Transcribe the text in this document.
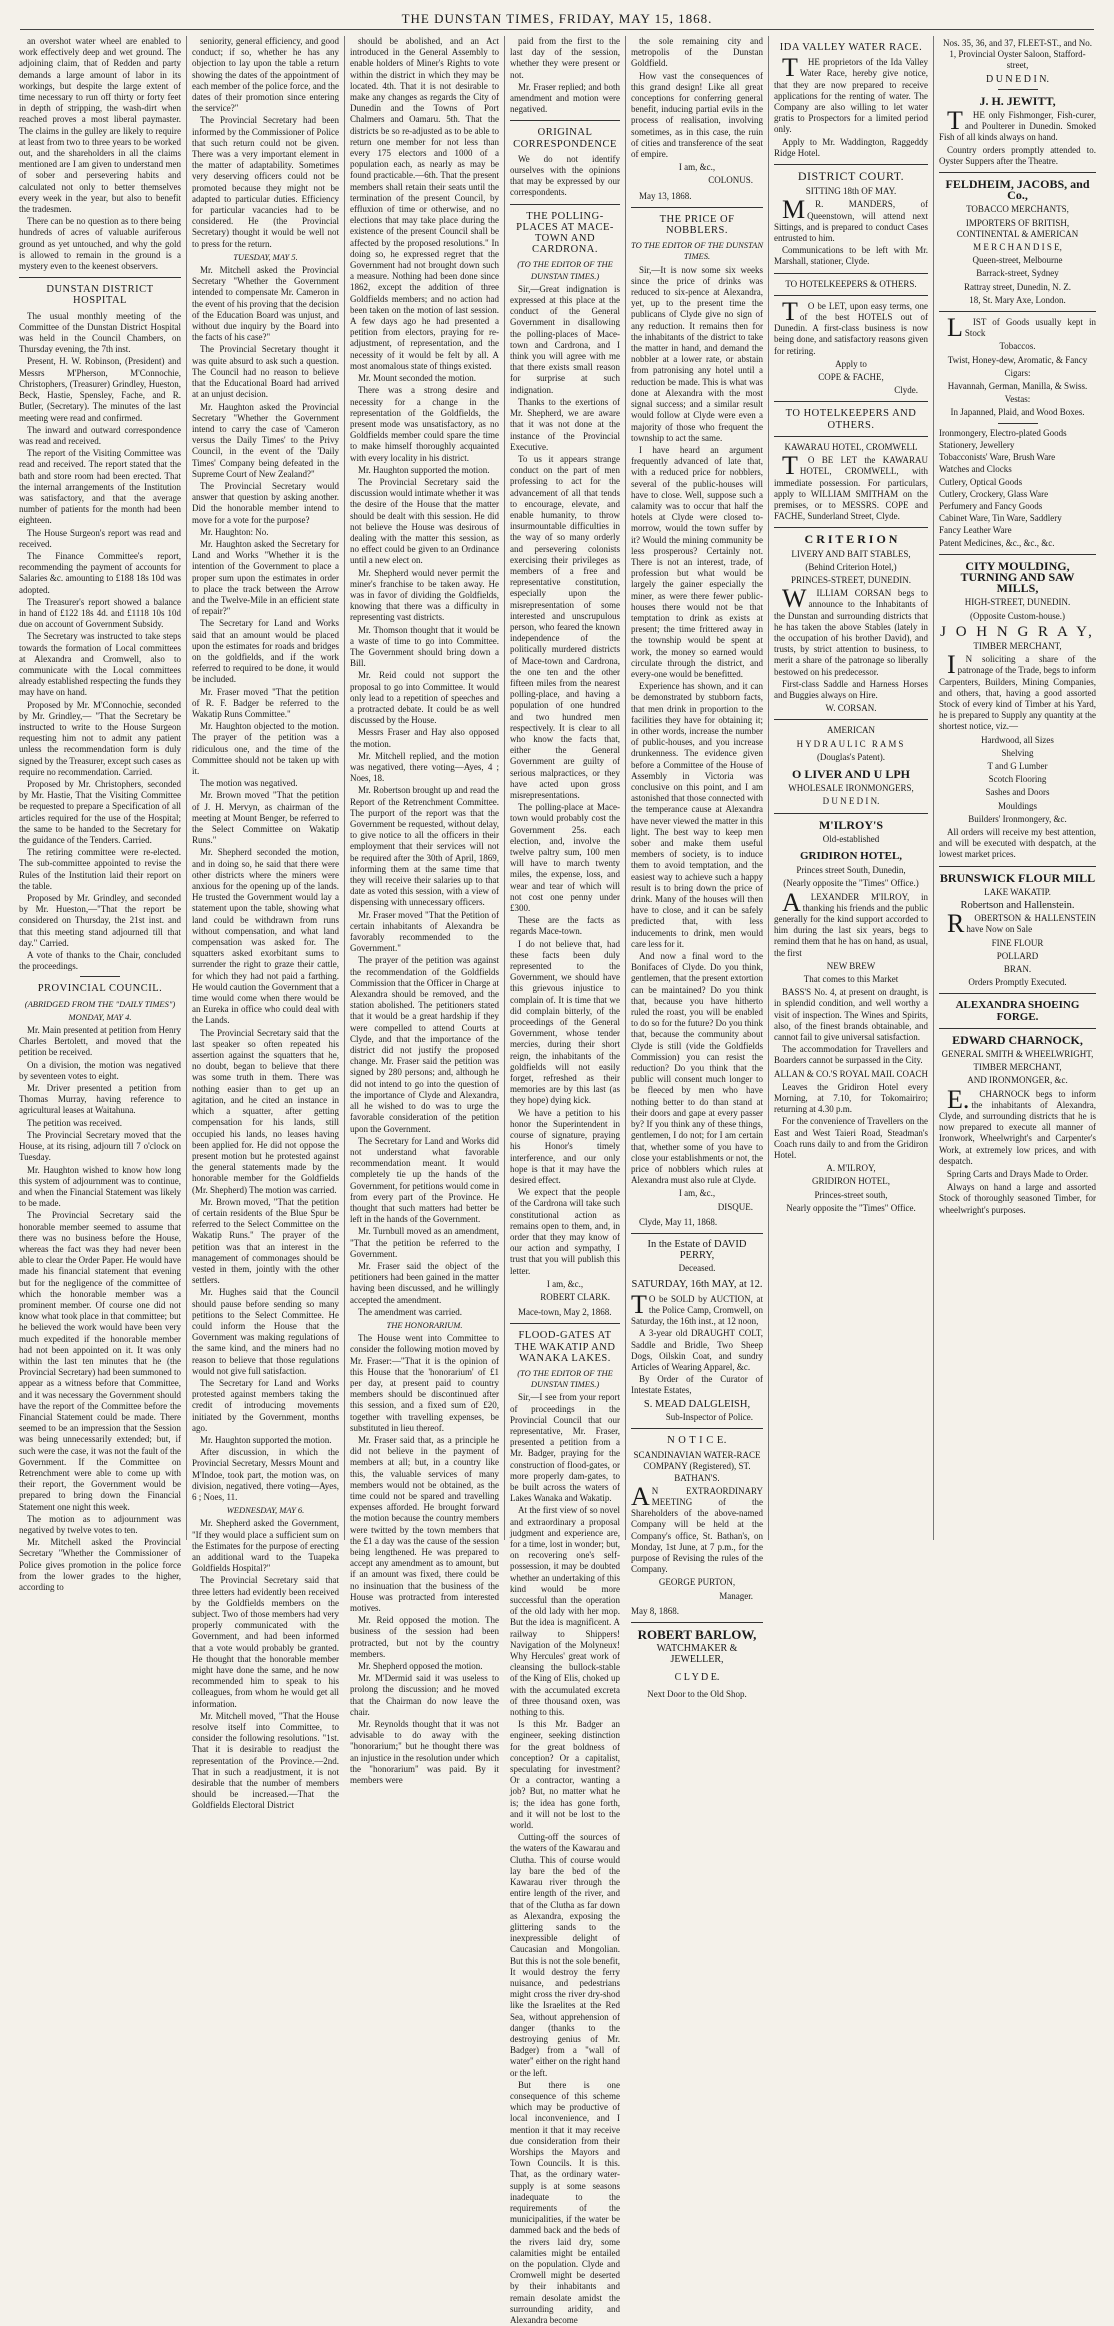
THE DUNSTAN TIMES, FRIDAY, MAY 15, 1868.

an overshot water wheel are enabled to work effectively deep and wet ground. The adjoining claim, that of Redden and party demands a large amount of labor in its workings, but despite the large extent of time necessary to run off thirty or forty feet in depth of stripping, the wash-dirt when reached proves a most liberal paymaster. The claims in the gulley are likely to require at least from two to three years to be worked out, and the shareholders in all the claims mentioned are I am given to understand men of sober and persevering habits and calculated not only to better themselves every week in the year, but also to benefit the tradesmen.

There can be no question as to there being hundreds of acres of valuable auriferous ground as yet untouched, and why the gold is allowed to remain in the ground is a mystery even to the keenest observers.

DUNSTAN DISTRICT HOSPITAL

The usual monthly meeting of the Committee of the Dunstan District Hospital was held in the Council Chambers, on Thursday evening, the 7th inst.

Present, H. W. Robinson, (President) and Messrs M'Pherson, M'Connochie, Christophers, (Treasurer) Grindley, Hueston, Beck, Hastie, Spensley, Fache, and R. Butler, (Secretary). The minutes of the last meeting were read and confirmed.

The inward and outward correspondence was read and received.

The report of the Visiting Committee was read and received. The report stated that the bath and store room had been erected. That the internal arrangements of the Institution was satisfactory, and that the average number of patients for the month had been eighteen.

The House Surgeon's report was read and received.

The Finance Committee's report, recommending the payment of accounts for Salaries &c. amounting to £188 18s 10d was adopted.

The Treasurer's report showed a balance in hand of £122 18s 4d. and £1118 10s 10d due on account of Government Subsidy.

The Secretary was instructed to take steps towards the formation of Local committees at Alexandra and Cromwell, also to communicate with the Local committees already established respecting the funds they may have on hand.

Proposed by Mr. M'Connochie, seconded by Mr. Grindley,— "That the Secretary be instructed to write to the House Surgeon requesting him not to admit any patient unless the recommendation form is duly signed by the Treasurer, except such cases as require no recommendation. Carried.

Proposed by Mr. Christophers, seconded by Mr. Hastie, That the Visiting Committee be requested to prepare a Specification of all articles required for the use of the Hospital; the same to be handed to the Secretary for the guidance of the Tenders. Carried.

The retiring committee were re-elected. The sub-committee appointed to revise the Rules of the Institution laid their report on the table.

Proposed by Mr. Grindley, and seconded by Mr. Hueston,—"That the report be considered on Thursday, the 21st inst. and that this meeting stand adjourned till that day." Carried.

A vote of thanks to the Chair, concluded the proceedings.

PROVINCIAL COUNCIL.
(ABRIDGED FROM THE "DAILY TIMES")
MONDAY, MAY 4.

Mr. Main presented at petition from Henry Charles Bertolett, and moved that the petition be received.

On a division, the motion was negatived by seventeen votes to eight.

Mr. Driver presented a petition from Thomas Murray, having reference to agricultural leases at Waitahuna.

The petition was received.

The Provincial Secretary moved that the House, at its rising, adjourn till 7 o'clock on Tuesday.

Mr. Haughton wished to know how long this system of adjournment was to continue, and when the Financial Statement was likely to be made.

The Provincial Secretary said the honorable member seemed to assume that there was no business before the House, whereas the fact was they had never been able to clear the Order Paper. He would have made his financial statement that evening but for the negligence of the committee of which the honorable member was a prominent member. Of course one did not know what took place in that committee; but he believed the work would have been very much expedited if the honorable member had not been appointed on it. It was only within the last ten minutes that he (the Provincial Secretary) had been summoned to appear as a witness before that Committee, and it was necessary the Government should have the report of the Committee before the Financial Statement could be made. There seemed to be an impression that the Session was being unnecessarily extended; but, if such were the case, it was not the fault of the Government. If the Committee on Retrenchment were able to come up with their report, the Government would be prepared to bring down the Financial Statement one night this week.

The motion as to adjournment was negatived by twelve votes to ten.

Mr. Mitchell asked the Provincial Secretary "Whether the Commissioner of Police gives promotion in the police force from the lower grades to the higher, according to

seniority, general efficiency, and good conduct; if so, whether he has any objection to lay upon the table a return showing the dates of the appointment of each member of the police force, and the dates of their promotion since entering the service?"

The Provincial Secretary had been informed by the Commissioner of Police that such return could not be given. There was a very important element in the matter of adaptability. Sometimes very deserving officers could not be promoted because they might not be adapted to particular duties. Efficiency for particular vacancies had to be considered. He (the Provincial Secretary) thought it would be well not to press for the return.

TUESDAY, MAY 5.

Mr. Mitchell asked the Provincial Secretary "Whether the Government intended to compensate Mr. Cameron in the event of his proving that the decision of the Education Board was unjust, and without due inquiry by the Board into the facts of his case?"

The Provincial Secretary thought it was quite absurd to ask such a question. The Council had no reason to believe that the Educational Board had arrived at an unjust decision.

Mr. Haughton asked the Provincial Secretary "Whether the Government intend to carry the case of 'Cameron versus the Daily Times' to the Privy Council, in the event of the 'Daily Times' Company being defeated in the Supreme Court of New Zealand?"

The Provincial Secretary would answer that question by asking another. Did the honorable member intend to move for a vote for the purpose?

Mr. Haughton: No.

Mr. Haughton asked the Secretary for Land and Works "Whether it is the intention of the Government to place a proper sum upon the estimates in order to place the track between the Arrow and the Twelve-Mile in an efficient state of repair?"

The Secretary for Land and Works said that an amount would be placed upon the estimates for roads and bridges on the goldfields, and if the work referred to required to be done, it would be included.

Mr. Fraser moved "That the petition of R. F. Badger be referred to the Wakatip Runs Committee."

Mr. Haughton objected to the motion. The prayer of the petition was a ridiculous one, and the time of the Committee should not be taken up with it.

The motion was negatived.

Mr. Brown moved "That the petition of J. H. Mervyn, as chairman of the meeting at Mount Benger, be referred to the Select Committee on Wakatip Runs."

Mr. Shepherd seconded the motion, and in doing so, he said that there were other districts where the miners were anxious for the opening up of the lands. He trusted the Government would lay a statement upon the table, showing what land could be withdrawn from runs without compensation, and what land compensation was asked for. The squatters asked exorbitant sums to surrender the right to graze their cattle, for which they had not paid a farthing. He would caution the Government that a time would come when there would be an Eureka in office who could deal with the Lands.

The Provincial Secretary said that the last speaker so often repeated his assertion against the squatters that he, no doubt, began to believe that there was some truth in them. There was nothing easier than to get up an agitation, and he cited an instance in which a squatter, after getting compensation for his lands, still occupied his lands, no leases having been applied for. He did not oppose the present motion but he protested against the general statements made by the honorable member for the Goldfields (Mr. Shepherd) The motion was carried.

Mr. Brown moved, "That the petition of certain residents of the Blue Spur be referred to the Select Committee on the Wakatip Runs." The prayer of the petition was that an interest in the management of commonages should be vested in them, jointly with the other settlers.

Mr. Hughes said that the Council should pause before sending so many petitions to the Select Committee. He could inform the House that the Government was making regulations of the same kind, and the miners had no reason to believe that those regulations would not give full satisfaction.

The Secretary for Land and Works protested against members taking the credit of introducing movements initiated by the Government, months ago.

Mr. Haughton supported the motion.

After discussion, in which the Provincial Secretary, Messrs Mount and M'Indoe, took part, the motion was, on division, negatived, there voting—Ayes, 6 ; Noes, 11.

WEDNESDAY, MAY 6.

Mr. Shepherd asked the Government, "If they would place a sufficient sum on the Estimates for the purpose of erecting an additional ward to the Tuapeka Goldfields Hospital?"

The Provincial Secretary said that three letters had evidently been received by the Goldfields members on the subject. Two of those members had very properly communicated with the Government, and had been informed that a vote would probably be granted. He thought that the honorable member might have done the same, and he now recommended him to speak to his colleagues, from whom he would get all information.

Mr. Mitchell moved, "That the House resolve itself into Committee, to consider the following resolutions. "1st. That it is desirable to readjust the representation of the Province.—2nd. That in such a readjustment, it is not desirable that the number of members should be increased.—That the Goldfields Electoral District

should be abolished, and an Act introduced in the General Assembly to enable holders of Miner's Rights to vote within the district in which they may be located. 4th. That it is not desirable to make any changes as regards the City of Dunedin and the Towns of Port Chalmers and Oamaru. 5th. That the districts be so re-adjusted as to be able to return one member for not less than every 175 electors and 1000 of a population each, as nearly as may be found practicable.—6th. That the present members shall retain their seats until the termination of the present Council, by effluxion of time or otherwise, and no elections that may take place during the existence of the present Council shall be affected by the proposed resolutions." In doing so, he expressed regret that the Government had not brought down such a measure. Nothing had been done since 1862, except the addition of three Goldfields members; and no action had been taken on the motion of last session. A few days ago he had presented a petition from electors, praying for re-adjustment, of representation, and the necessity of it would be felt by all. A most anomalous state of things existed.

Mr. Mount seconded the motion.

There was a strong desire and necessity for a change in the representation of the Goldfields, the present mode was unsatisfactory, as no Goldfields member could spare the time to make himself thoroughly acquainted with every locality in his district.

Mr. Haughton supported the motion.

The Provincial Secretary said the discussion would intimate whether it was the desire of the House that the matter should be dealt with this session. He did not believe the House was desirous of dealing with the matter this session, as no effect could be given to an Ordinance until a new elect on.

Mr. Shepherd would never permit the miner's franchise to be taken away. He was in favor of dividing the Goldfields, knowing that there was a difficulty in representing vast districts.

Mr. Thomson thought that it would be a waste of time to go into Committee. The Government should bring down a Bill.

Mr. Reid could not support the proposal to go into Committee. It would only lead to a repetition of speeches and a protracted debate. It could be as well discussed by the House.

Messrs Fraser and Hay also opposed the motion.

Mr. Mitchell replied, and the motion was negatived, there voting—Ayes, 4 ; Noes, 18.

Mr. Robertson brought up and read the Report of the Retrenchment Committee. The purport of the report was that the Government be requested, without delay, to give notice to all the officers in their employment that their services will not be required after the 30th of April, 1869, informing them at the same time that they will receive their salaries up to that date as voted this session, with a view of dispensing with unnecessary officers.

Mr. Fraser moved "That the Petition of certain inhabitants of Alexandra be favorably recommended to the Government."

The prayer of the petition was against the recommendation of the Goldfields Commission that the Officer in Charge at Alexandra should be removed, and the station abolished. The petitioners stated that it would be a great hardship if they were compelled to attend Courts at Clyde, and that the importance of the district did not justify the proposed change. Mr. Fraser said the petition was signed by 280 persons; and, although he did not intend to go into the question of the importance of Clyde and Alexandra, all he wished to do was to urge the favorable consideration of the petition upon the Government.

The Secretary for Land and Works did not understand what favorable recommendation meant. It would completely tie up the hands of the Government, for petitions would come in from every part of the Province. He thought that such matters had better be left in the hands of the Government.

Mr. Turnbull moved as an amendment, "That the petition be referred to the Government.

Mr. Fraser said the object of the petitioners had been gained in the matter having been discussed, and he willingly accepted the amendment.

The amendment was carried.

THE HONORARIUM.

The House went into Committee to consider the following motion moved by Mr. Fraser:—"That it is the opinion of this House that the 'honorarium' of £1 per day, at present paid to country members should be discontinued after this session, and a fixed sum of £20, together with travelling expenses, be substituted in lieu thereof.

Mr. Fraser said that, as a principle he did not believe in the payment of members at all; but, in a country like this, the valuable services of many members would not be obtained, as the time could not be spared and travelling expenses afforded. He brought forward the motion because the country members were twitted by the town members that the £1 a day was the cause of the session being lengthened. He was prepared to accept any amendment as to amount, but if an amount was fixed, there could be no insinuation that the business of the House was protracted from interested motives.

Mr. Reid opposed the motion. The business of the session had been protracted, but not by the country members.

Mr. Shepherd opposed the motion.

Mr. M'Dermid said it was useless to prolong the discussion; and he moved that the Chairman do now leave the chair.

Mr. Reynolds thought that it was not advisable to do away with the "honorarium;" but he thought there was an injustice in the resolution under which the "honorarium" was paid. By it members were

paid from the first to the last day of the session, whether they were present or not.

Mr. Fraser replied; and both amendment and motion were negatived.

ORIGINAL CORRESPONDENCE

We do not identify ourselves with the opinions that may be expressed by our correspondents.

THE POLLING-PLACES AT MACE-TOWN AND CARDRONA.
(TO THE EDITOR OF THE DUNSTAN TIMES.)

Sir,—Great indignation is expressed at this place at the conduct of the General Government in disallowing the polling-places of Mace-town and Cardrona, and I think you will agree with me that there exists small reason for surprise at such indignation.

Thanks to the exertions of Mr. Shepherd, we are aware that it was not done at the instance of the Provincial Executive.

To us it appears strange conduct on the part of men professing to act for the advancement of all that tends to encourage, elevate, and enable humanity, to throw insurmountable difficulties in the way of so many orderly and persevering colonists exercising their privileges as members of a free and representative constitution, especially upon the misrepresentation of some interested and unscrupulous person, who feared the known independence of the politically murdered districts of Mace-town and Cardrona, the one ten and the other fifteen miles from the nearest polling-place, and having a population of one hundred and two hundred men respectively. It is clear to all who know the facts that, either the General Government are guilty of serious malpractices, or they have acted upon gross misrepresentations.

The polling-place at Mace-town would probably cost the Government 25s. each election, and, involve the twelve paltry sum, 100 men will have to march twenty miles, the expense, loss, and wear and tear of which will not cost one penny under £300.

These are the facts as regards Mace-town.

I do not believe that, had these facts been duly represented to the Government, we should have this grievous injustice to complain of. It is time that we did complain bitterly, of the proceedings of the General Government, whose tender mercies, during their short reign, the inhabitants of the goldfields will not easily forget, refreshed as their memories are by this last (as they hope) dying kick.

We have a petition to his honor the Superintendent in course of signature, praying his Honor's timely interference, and our only hope is that it may have the desired effect.

We expect that the people of the Cardrona will take such constitutional action as remains open to them, and, in order that they may know of our action and sympathy, I trust that you will publish this letter.

I am, &c.,
ROBERT CLARK.

Mace-town, May 2, 1868.

FLOOD-GATES AT THE WAKATIP AND WANAKA LAKES.
(TO THE EDITOR OF THE DUNSTAN TIMES.)

Sir,—I see from your report of proceedings in the Provincial Council that our representative, Mr. Fraser, presented a petition from a Mr. Badger, praying for the construction of flood-gates, or more properly dam-gates, to be built across the waters of Lakes Wanaka and Wakatip.

At the first view of so novel and extraordinary a proposal judgment and experience are, for a time, lost in wonder; but, on recovering one's self-possession, it may be doubted whether an undertaking of this kind would be more successful than the operation of the old lady with her mop. But the idea is magnificent. A railway to Shippers! Navigation of the Molyneux! Why Hercules' great work of cleansing the bullock-stable of the King of Elis, choked up with the accumulated excreta of three thousand oxen, was nothing to this.

Is this Mr. Badger an engineer, seeking distinction for the great boldness of conception? Or a capitalist, speculating for investment? Or a contractor, wanting a job? But, no matter what he is; the idea has gone forth, and it will not be lost to the world.

Cutting-off the sources of the waters of the Kawarau and Clutha. This of course would lay bare the bed of the Kawarau river through the entire length of the river, and that of the Clutha as far down as Alexandra, exposing the glittering sands to the inexpressible delight of Caucasian and Mongolian. But this is not the sole benefit, It would destroy the ferry nuisance, and pedestrians might cross the river dry-shod like the Israelites at the Red Sea, without apprehension of danger (thanks to the destroying genius of Mr. Badger) from a "wall of water" either on the right hand or the left.

But there is one consequence of this scheme which may be productive of local inconvenience, and I mention it that it may receive due consideration from their Worships the Mayors and Town Councils. It is this. That, as the ordinary water-supply is at some seasons inadequate to the requirements of the municipalities, if the water be dammed back and the beds of the rivers laid dry, some calamities might be entailed on the population. Clyde and Cromwell might be deserted by their inhabitants and remain desolate amidst the surrounding aridity, and Alexandra become

the sole remaining city and metropolis of the Dunstan Goldfield.

How vast the consequences of this grand design! Like all great conceptions for conferring general benefit, inducing partial evils in the process of realisation, involving sometimes, as in this case, the ruin of cities and transference of the seat of empire.

I am, &c.,
COLONUS.

May 13, 1868.

THE PRICE OF NOBBLERS.
TO THE EDITOR OF THE DUNSTAN TIMES.

Sir,—It is now some six weeks since the price of drinks was reduced to six-pence at Alexandra, yet, up to the present time the publicans of Clyde give no sign of any reduction. It remains then for the inhabitants of the district to take the matter in hand, and demand the nobbler at a lower rate, or abstain from patronising any hotel until a reduction be made. This is what was done at Alexandra with the most signal success; and a similar result would follow at Clyde were even a majority of those who frequent the township to act the same.

I have heard an argument frequently advanced of late that, with a reduced price for nobblers, several of the public-houses will have to close. Well, suppose such a calamity was to occur that half the hotels at Clyde were closed to-morrow, would the town suffer by it? Would the mining community be less prosperous? Certainly not. There is not an interest, trade, of profession but what would be largely the gainer especially the miner, as were there fewer public-houses there would not be that temptation to drink as exists at present; the time frittered away in the township would be spent at work, the money so earned would circulate through the district, and every-one would be benefitted.

Experience has shown, and it can be demonstrated by stubborn facts, that men drink in proportion to the facilities they have for obtaining it; in other words, increase the number of public-houses, and you increase drunkenness. The evidence given before a Committee of the House of Assembly in Victoria was conclusive on this point, and I am astonished that those connected with the temperance cause at Alexandra have never viewed the matter in this light. The best way to keep men sober and make them useful members of society, is to induce them to avoid temptation, and the easiest way to achieve such a happy result is to bring down the price of drink. Many of the houses will then have to close, and it can be safely predicted that, with less inducements to drink, men would care less for it.

And now a final word to the Bonifaces of Clyde. Do you think, gentlemen, that the present extortion can be maintained? Do you think that, because you have hitherto ruled the roast, you will be enabled to do so for the future? Do you think that, because the community about Clyde is still (vide the Goldfields Commission) you can resist the reduction? Do you think that the public will consent much longer to be fleeced by men who have nothing better to do than stand at their doors and gape at every passer by? If you think any of these things, gentlemen, I do not; for I am certain that, whether some of you have to close your establishments or not, the price of nobblers which rules at Alexandra must also rule at Clyde.

I am, &c.,
DISQUE.

Clyde, May 11, 1868.

In the Estate of DAVID PERRY,
Deceased.
SATURDAY, 16th MAY, at 12.

TO be SOLD by AUCTION, at the Police Camp, Cromwell, on Saturday, the 16th inst., at 12 noon,

A 3-year old DRAUGHT COLT, Saddle and Bridle, Two Sheep Dogs, Oilskin Coat, and sundry Articles of Wearing Apparel, &c.

By Order of the Curator of Intestate Estates,

S. MEAD DALGLEISH,
Sub-Inspector of Police.
N O T I C E.
SCANDINAVIAN WATER-RACE COMPANY (Registered), ST. BATHAN'S.

AN EXTRAORDINARY MEETING of the Shareholders of the above-named Company will be held at the Company's office, St. Bathan's, on Monday, 1st June, at 7 p.m., for the purpose of Revising the rules of the Company.

GEORGE PURTON,
Manager.

May 8, 1868.

ROBERT BARLOW,
WATCHMAKER & JEWELLER,
C L Y D E.
Next Door to the Old Shop.
IDA VALLEY WATER RACE.

THE proprietors of the Ida Valley Water Race, hereby give notice, that they are now prepared to receive applications for the renting of water. The Company are also willing to let water gratis to Prospectors for a limited period only.

Apply to Mr. Waddington, Raggeddy Ridge Hotel.

DISTRICT COURT.
SITTING 18th OF MAY.

MR. MANDERS, of Queenstown, will attend next Sittings, and is prepared to conduct Cases entrusted to him.

Communications to be left with Mr. Marshall, stationer, Clyde.

TO HOTELKEEPERS & OTHERS.

TO be LET, upon easy terms, one of the best HOTELS out of Dunedin. A first-class business is now being done, and satisfactory reasons given for retiring.

Apply to
COPE & FACHE,
Clyde.
TO HOTELKEEPERS AND OTHERS.
KAWARAU HOTEL, CROMWELL

TO BE LET the KAWARAU HOTEL, CROMWELL, with immediate possession. For particulars, apply to WILLIAM SMITHAM on the premises, or to MESSRS. COPE and FACHE, Sunderland Street, Clyde.

C R I T E R I O N
LIVERY AND BAIT STABLES,
(Behind Criterion Hotel,)
PRINCES-STREET, DUNEDIN.

WILLIAM CORSAN begs to announce to the Inhabitants of the Dunstan and surrounding districts that he has taken the above Stables (lately in the occupation of his brother David), and trusts, by strict attention to business, to merit a share of the patronage so liberally bestowed on his predecessor.

First-class Saddle and Harness Horses and Buggies always on Hire.

W. CORSAN.
AMERICAN
HYDRAULIC RAMS
(Douglas's Patent).
O LIVER AND U LPH
WHOLESALE IRONMONGERS,
D U N E D I N.
M'ILROY'S
Old-established
GRIDIRON HOTEL,
Princes street South, Dunedin,
(Nearly opposite the "Times" Office.)

ALEXANDER M'ILROY, in thanking his friends and the public generally for the kind support accorded to him during the last six years, begs to remind them that he has on hand, as usual, the first

NEW BREW
That comes to this Market

BASS'S No. 4, at present on draught, is in splendid condition, and well worthy a visit of inspection. The Wines and Spirits, also, of the finest brands obtainable, and cannot fail to give universal satisfaction.

The accommodation for Travellers and Boarders cannot be surpassed in the City.

ALLAN & CO.'S ROYAL MAIL COACH

Leaves the Gridiron Hotel every Morning, at 7.10, for Tokomairiro; returning at 4.30 p.m.

For the convenience of Travellers on the East and West Taieri Road, Steadman's Coach runs daily to and from the Gridiron Hotel.

A. M'ILROY,
GRIDIRON HOTEL,
Princes-street south,
Nearly opposite the "Times" Office.
Nos. 35, 36, and 37, FLEET-ST., and No. 1, Provincial Oyster Saloon, Stafford-street,
D U N E D I N.
J. H. JEWITT,

THE only Fishmonger, Fish-curer, and Poulterer in Dunedin. Smoked Fish of all kinds always on hand.

Country orders promptly attended to. Oyster Suppers after the Theatre.

FELDHEIM, JACOBS, and Co.,
TOBACCO MERCHANTS,
IMPORTERS OF BRITISH, CONTINENTAL & AMERICAN
M E R C H A N D I S E,

Queen-street, Melbourne

Barrack-street, Sydney

Rattray street, Dunedin, N. Z.

18, St. Mary Axe, London.

LIST of Goods usually kept in Stock

Tobaccos.

Twist, Honey-dew, Aromatic, & Fancy

Cigars:

Havannah, German, Manilla, & Swiss.

Vestas:

In Japanned, Plaid, and Wood Boxes.

Ironmongery, Electro-plated Goods

Stationery, Jewellery

Tobacconists' Ware, Brush Ware

Watches and Clocks

Cutlery, Optical Goods

Cutlery, Crockery, Glass Ware

Perfumery and Fancy Goods

Cabinet Ware, Tin Ware, Saddlery

Fancy Leather Ware

Patent Medicines, &c., &c., &c.

CITY MOULDING, TURNING AND SAW MILLS,
HIGH-STREET, DUNEDIN.
(Opposite Custom-house.)
J O H N G R A Y,
TIMBER MERCHANT,

IN soliciting a share of the patronage of the Trade, begs to inform Carpenters, Builders, Mining Companies, and others, that, having a good assorted Stock of every kind of Timber at his Yard, he is prepared to Supply any quantity at the shortest notice, viz.—

Hardwood, all Sizes

Shelving

T and G Lumber

Scotch Flooring

Sashes and Doors

Mouldings

Builders' Ironmongery, &c.

All orders will receive my best attention, and will be executed with despatch, at the lowest market prices.

BRUNSWICK FLOUR MILL
LAKE WAKATIP.
Robertson and Hallenstein.

ROBERTSON & HALLENSTEIN have Now on Sale

FINE FLOUR

POLLARD

BRAN.

Orders Promptly Executed.
ALEXANDRA SHOEING FORGE.
EDWARD CHARNOCK,
GENERAL SMITH & WHEELWRIGHT,
TIMBER MERCHANT,
AND IRONMONGER, &c.

E.CHARNOCK begs to inform the inhabitants of Alexandra, Clyde, and surrounding districts that he is now prepared to execute all manner of Ironwork, Wheelwright's and Carpenter's Work, at extremely low prices, and with despatch.

Spring Carts and Drays Made to Order.

Always on hand a large and assorted Stock of thoroughly seasoned Timber, for wheelwright's purposes.
